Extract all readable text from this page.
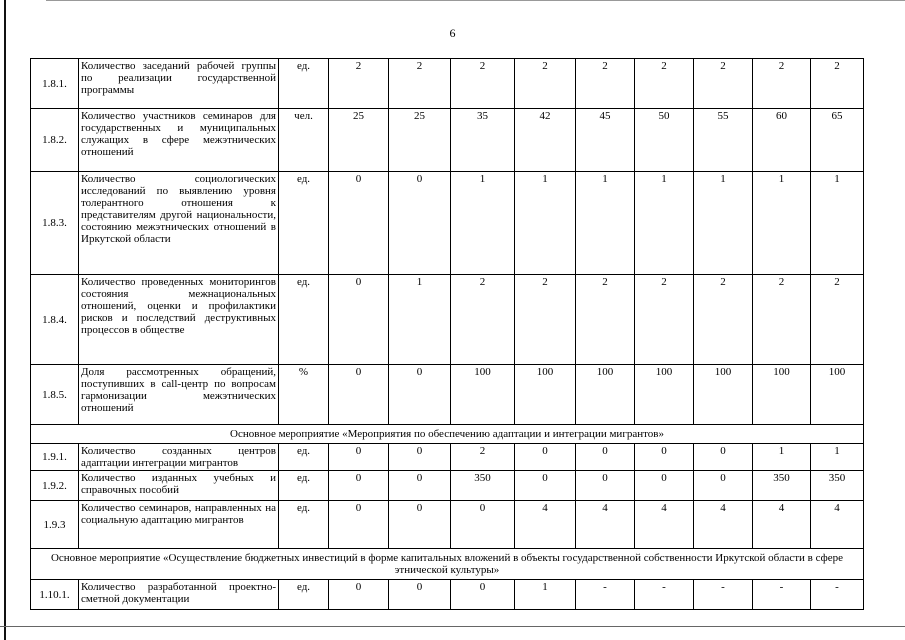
6
1.8.1.	Количество заседаний рабочей группы по реализации государственной программы	ед.	2	2	2	2	2	2	2	2	2
1.8.2.	Количество участников семинаров для государственных и муниципальных служащих в сфере межэтнических отношений	чел.	25	25	35	42	45	50	55	60	65
1.8.3.	Количество социологических исследований по выявлению уровня толерантного отношения к представителям другой национальности, состоянию межэтнических отношений в Иркутской области	ед.	0	0	1	1	1	1	1	1	1
1.8.4.	Количество проведенных мониторингов состояния межнациональных отношений, оценки и профилактики рисков и последствий деструктивных процессов в обществе	ед.	0	1	2	2	2	2	2	2	2
1.8.5.	Доля рассмотренных обращений, поступивших в call-центр по вопросам гармонизации межэтнических отношений	%	0	0	100	100	100	100	100	100	100
Основное мероприятие «Мероприятия по обеспечению адаптации и интеграции мигрантов»											
1.9.1.	Количество созданных центров адаптации интеграции мигрантов	ед.	0	0	2	0	0	0	0	1	1
1.9.2.	Количество изданных учебных и справочных пособий	ед.	0	0	350	0	0	0	0	350	350
1.9.3	Количество семинаров, направленных на социальную адаптацию мигрантов	ед.	0	0	0	4	4	4	4	4	4
Основное мероприятие «Осуществление бюджетных инвестиций в форме капитальных вложений в объекты государственной собственности Иркутской области в сфере этнической культуры»											
1.10.1.	Количество разработанной проектно-сметной документации	ед.	0	0	0	1	-	-	-	-	-
